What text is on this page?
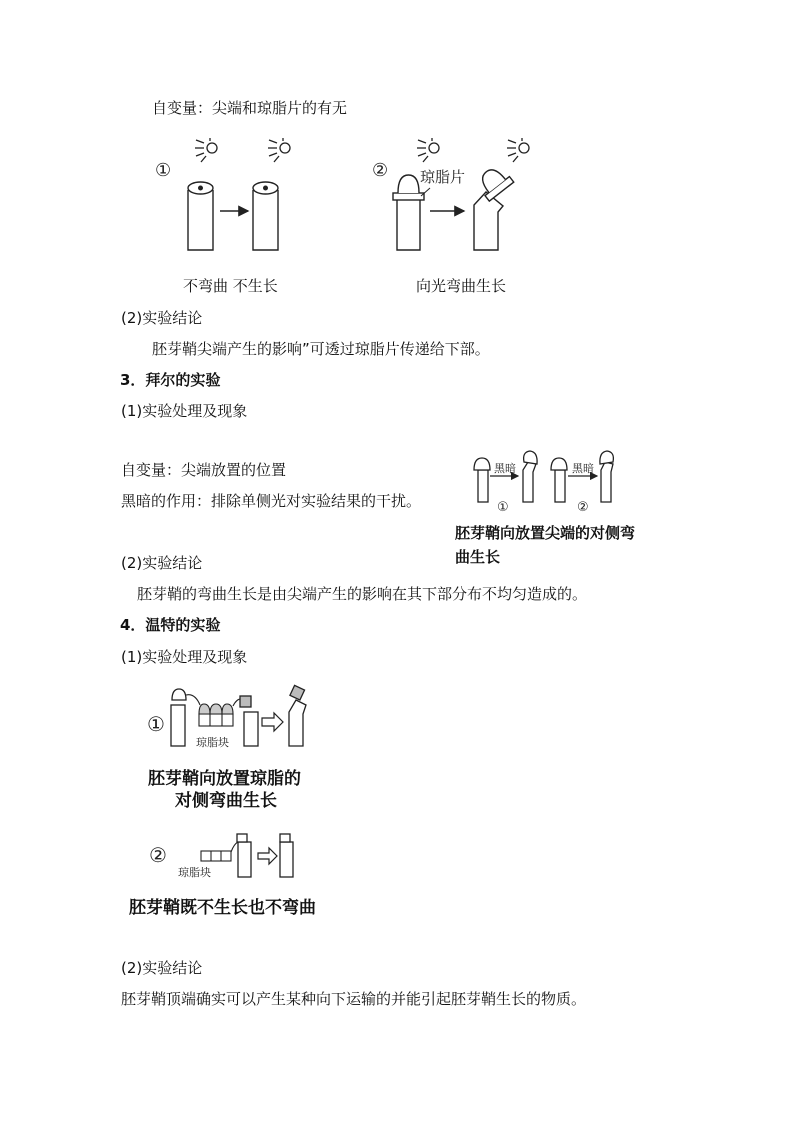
自变量：尖端和琼脂片的有无
①	② 琼脂片
不弯曲 不生长	向光弯曲生长
(2)实验结论
胚芽鞘尖端产生的影响”可透过琼脂片传递给下部。
3．拜尔的实验
(1)实验处理及现象
自变量：尖端放置的位置
黑暗的作用：排除单侧光对实验结果的干扰。
黑暗
①
黑暗
②
胚芽鞘向放置尖端的对侧弯曲生长
(2)实验结论
胚芽鞘的弯曲生长是由尖端产生的影响在其下部分布不均匀造成的。
4．温特的实验
(1)实验处理及现象
①
琼脂块
胚芽鞘向放置琼脂的
对侧弯曲生长
②
琼脂块
胚芽鞘既不生长也不弯曲
(2)实验结论
胚芽鞘顶端确实可以产生某种向下运输的并能引起胚芽鞘生长的物质。
